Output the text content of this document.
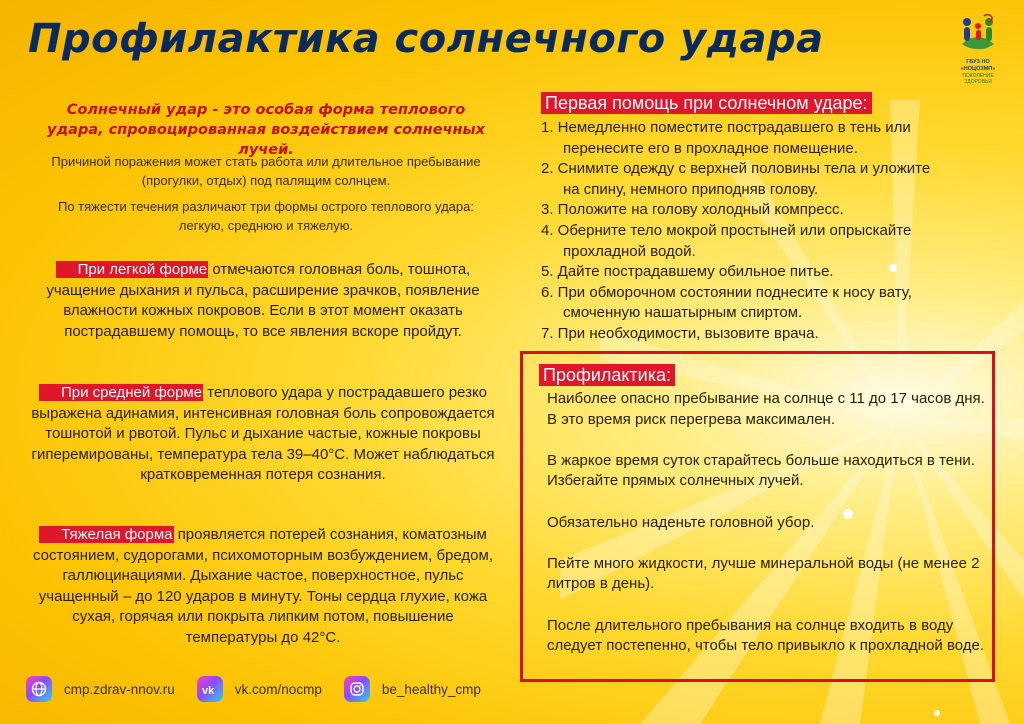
Профилактика солнечного удара	ГБУЗ НО «НОЦОЗМП»
ПОКОЛЕНИЕ ЗДОРОВЬЯ
Солнечный удар - это особая форма теплового удара, спровоцированная воздействием солнечных лучей.
Причиной поражения может стать работа или длительное пребывание (прогулки, отдых) под палящим солнцем.
По тяжести течения различают три формы острого теплового удара: легкую, среднюю и тяжелую.
При легкой форме отмечаются головная боль, тошнота, учащение дыхания и пульса, расширение зрачков, появление влажности кожных покровов. Если в этот момент оказать пострадавшему помощь, то все явления вскоре пройдут.
При средней форме теплового удара у пострадавшего резко выражена адинамия, интенсивная головная боль сопровождается тошнотой и рвотой. Пульс и дыхание частые, кожные покровы гиперемированы, температура тела 39–40°С. Может наблюдаться кратковременная потеря сознания.
Тяжелая форма проявляется потерей сознания, коматозным состоянием, судорогами, психомоторным возбуждением, бредом, галлюцинациями. Дыхание частое, поверхностное, пульс учащенный – до 120 ударов в минуту. Тоны сердца глухие, кожа сухая, горячая или покрыта липким потом, повышение температуры до 42°С.
Первая помощь при солнечном ударе:
1. Немедленно поместите пострадавшего в тень или
перенесите его в прохладное помещение.
2. Снимите одежду с верхней половины тела и уложите
на спину, немного приподняв голову.
3. Положите на голову холодный компресс.
4. Оберните тело мокрой простыней или опрыскайте
прохладной водой.
5. Дайте пострадавшему обильное питье.
6. При обморочном состоянии поднесите к носу вату,
смоченную нашатырным спиртом.
7. При необходимости, вызовите врача.
Профилактика:

Наиболее опасно пребывание на солнце с 11 до 17 часов дня. В это время риск перегрева максимален.

В жаркое время суток старайтесь больше находиться в тени. Избегайте прямых солнечных лучей.

Обязательно наденьте головной убор.

Пейте много жидкости, лучше минеральной воды (не менее 2 литров в день).

После длительного пребывания на солнце входить в воду следует постепенно, чтобы тело привыкло к прохладной воде.

cmp.zdrav-nnov.ru vk vk.com/nocmp	be_healthy_cmp
